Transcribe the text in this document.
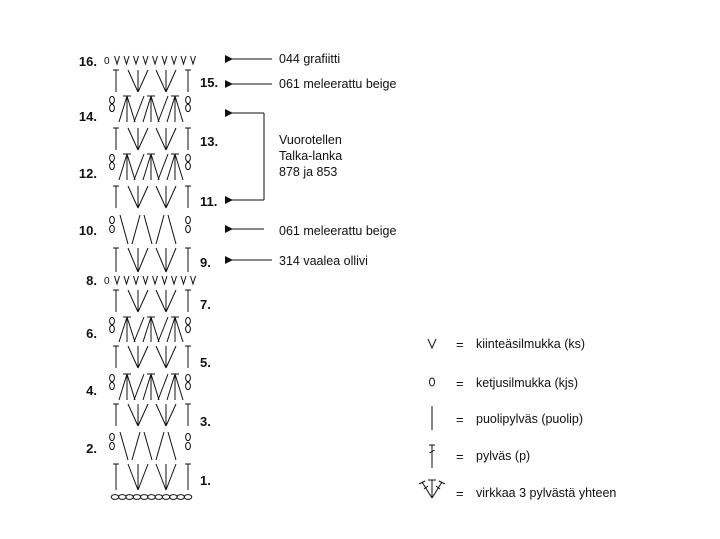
16.
14.
12.
10.
8.
6.
4.
2.
15.
13.
11.
9.
7.
5.
3.
1.
044 grafiitti
061 meleerattu beige
Vuorotellen
Talka-lanka
878 ja 853
061 meleerattu beige
314 vaalea ollivi
= kiinteäsilmukka (ks)
= ketjusilmukka (kjs)
= puolipylväs (puolip)
= pylväs (p)
= virkkaa 3 pylvästä yhteen
0
0
